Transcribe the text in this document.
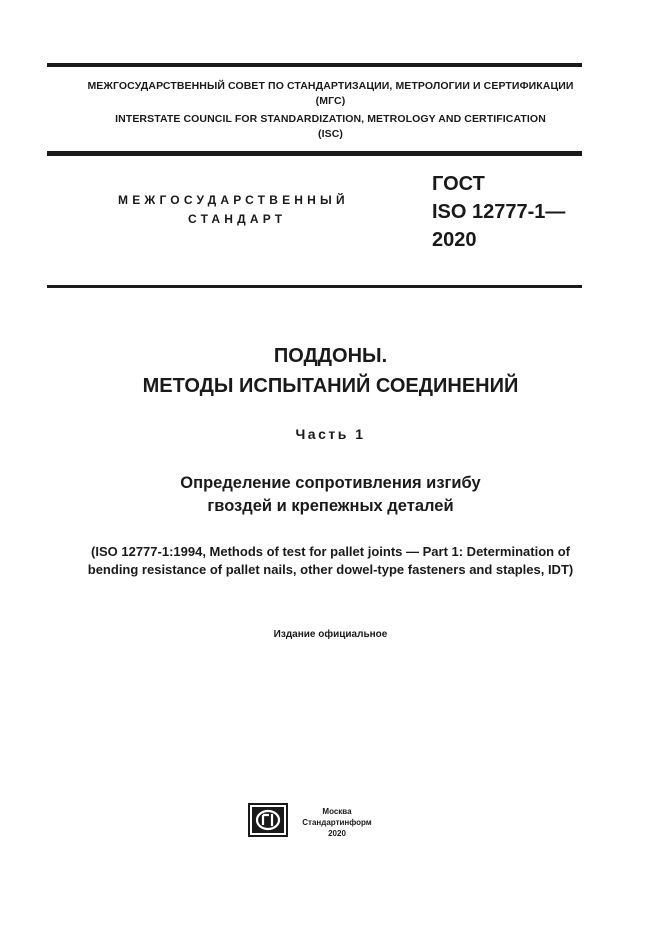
МЕЖГОСУДАРСТВЕННЫЙ СОВЕТ ПО СТАНДАРТИЗАЦИИ, МЕТРОЛОГИИ И СЕРТИФИКАЦИИ
(МГС)
INTERSTATE COUNCIL FOR STANDARDIZATION, METROLOGY AND CERTIFICATION
(ISC)
МЕЖГОСУДАРСТВЕННЫЙ
СТАНДАРТ
ГОСТ
ISO 12777-1—
2020
ПОДДОНЫ.
МЕТОДЫ ИСПЫТАНИЙ СОЕДИНЕНИЙ
Часть 1
Определение сопротивления изгибу
гвоздей и крепежных деталей
(ISO 12777-1:1994, Methods of test for pallet joints — Part 1: Determination of
bending resistance of pallet nails, other dowel-type fasteners and staples, IDT)
Издание официальное
Москва
Стандартинформ
2020
